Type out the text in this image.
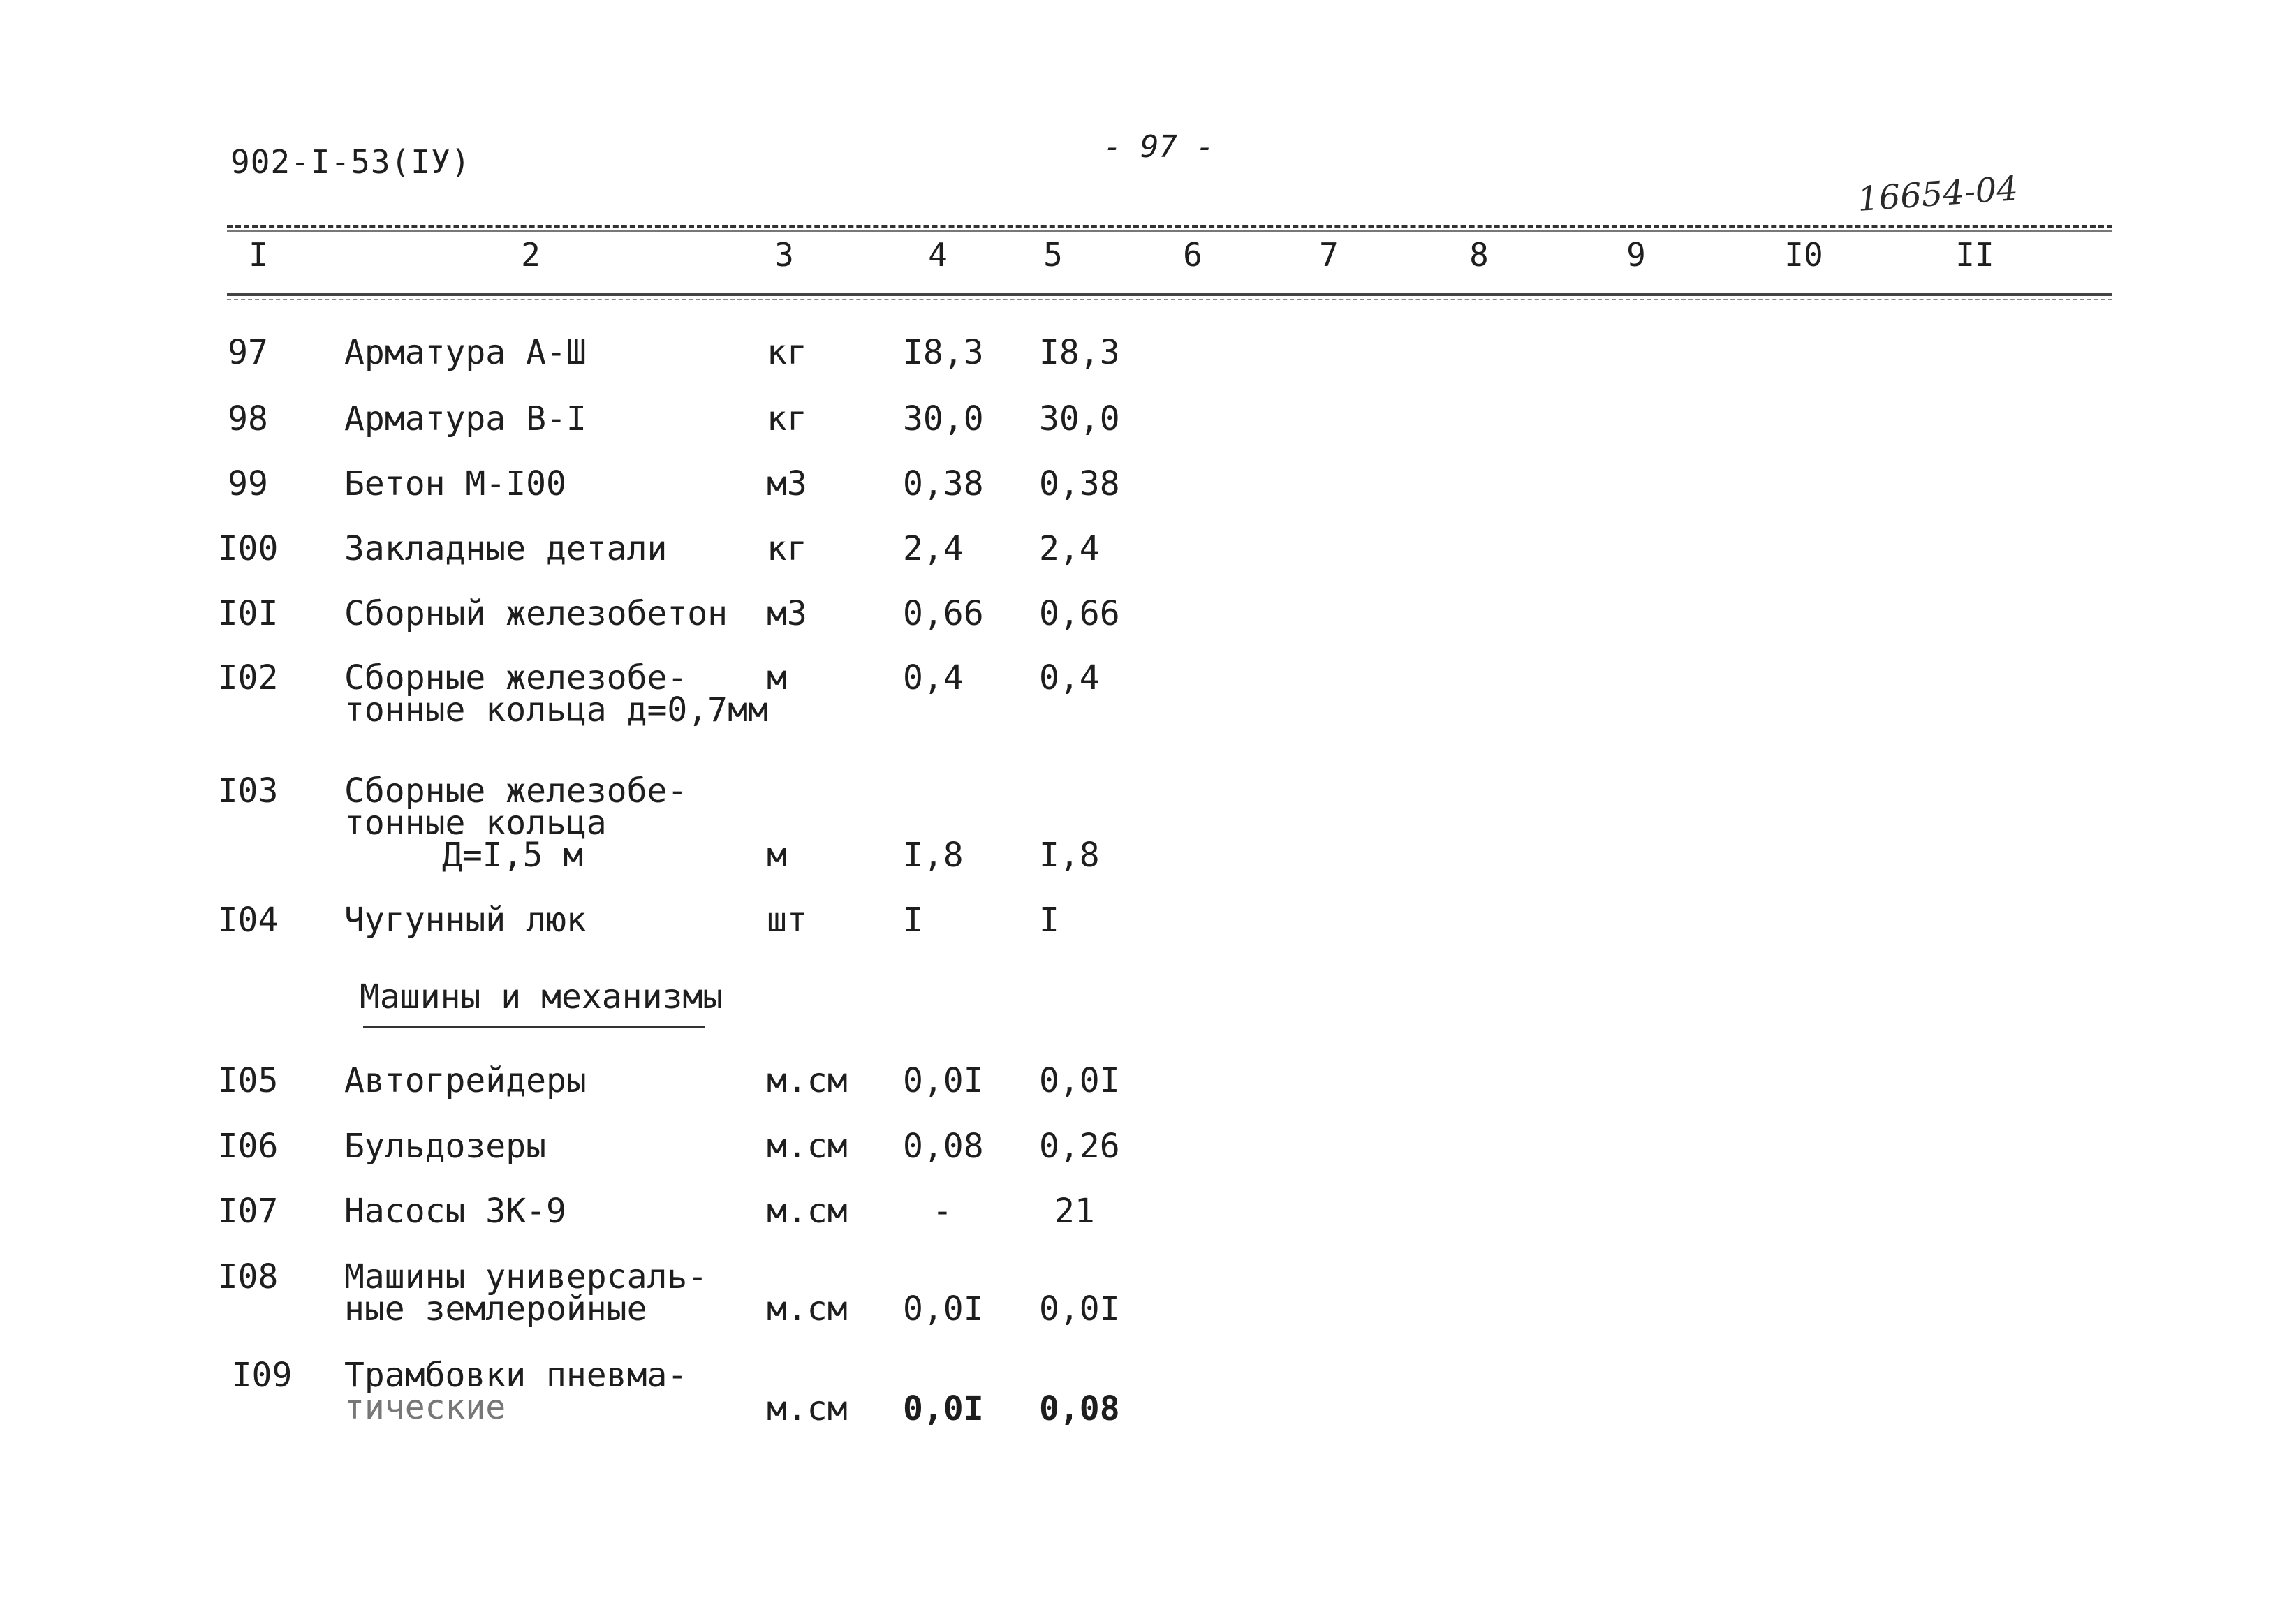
902-I-53(IУ)	- 97 -
16654-04
I	2	3	4	5	6	7	8	9	I0	II
97	Арматура А-Ш	кг	I8,3 I8,3
98	Арматура В-I	кг	30,0 30,0
99	Бетон М-I00	м3	0,38 0,38
I00 Закладные детали	кг	2,4 2,4
I0I Сборный железобетон м3	0,66 0,66
I02 Сборные железобе-
тонные кольца д=0,7мм
м	0,4 0,4
I03 Сборные железобе-
тонные кольца
Д=I,5 м	м	I,8 I,8
I04 Чугунный люк	шт	I	I
Машины и механизмы
I05 Автогрейдеры	м.см 0,0I 0,0I
I06 Бульдозеры	м.см 0,08 0,26
I07 Насосы ЗК-9	м.см	-	21
I08 Машины универсаль-
ные землеройные	м.см 0,0I 0,0I
I09 Трамбовки пневма-
тические	м.см 0,0I 0,08
